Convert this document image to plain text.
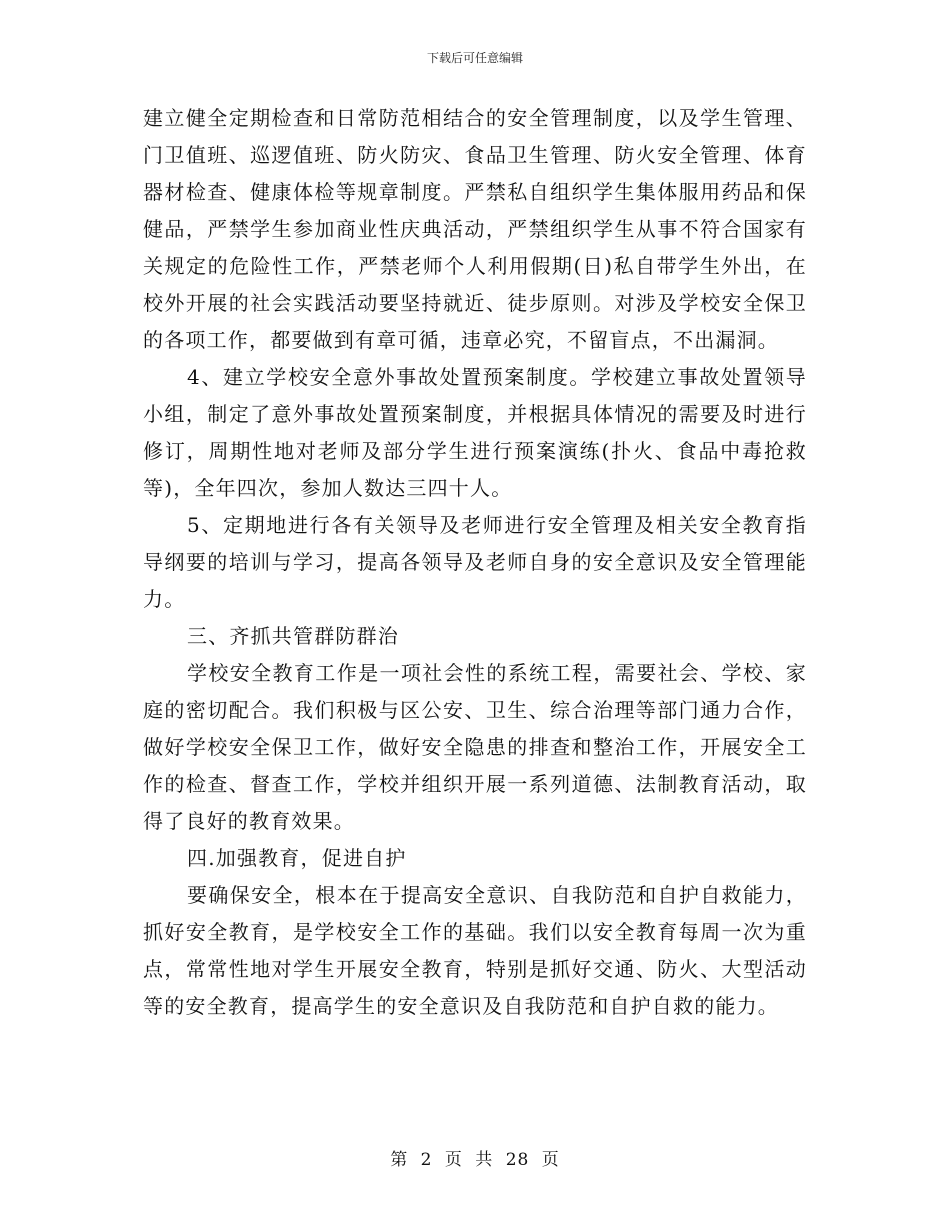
下载后可任意编辑

建立健全定期检查和日常防范相结合的安全管理制度，以及学生管理、门卫值班、巡逻值班、防火防灾、食品卫生管理、防火安全管理、体育器材检查、健康体检等规章制度。严禁私自组织学生集体服用药品和保健品，严禁学生参加商业性庆典活动，严禁组织学生从事不符合国家有关规定的危险性工作，严禁老师个人利用假期(日)私自带学生外出，在校外开展的社会实践活动要坚持就近、徒步原则。对涉及学校安全保卫的各项工作，都要做到有章可循，违章必究，不留盲点，不出漏洞。

4、建立学校安全意外事故处置预案制度。学校建立事故处置领导小组，制定了意外事故处置预案制度，并根据具体情况的需要及时进行修订，周期性地对老师及部分学生进行预案演练(扑火、食品中毒抢救等)，全年四次，参加人数达三四十人。

5、定期地进行各有关领导及老师进行安全管理及相关安全教育指导纲要的培训与学习，提高各领导及老师自身的安全意识及安全管理能力。

三、齐抓共管群防群治

学校安全教育工作是一项社会性的系统工程，需要社会、学校、家庭的密切配合。我们积极与区公安、卫生、综合治理等部门通力合作，做好学校安全保卫工作，做好安全隐患的排查和整治工作，开展安全工作的检查、督查工作，学校并组织开展一系列道德、法制教育活动，取得了良好的教育效果。

四.加强教育，促进自护

要确保安全，根本在于提高安全意识、自我防范和自护自救能力，抓好安全教育，是学校安全工作的基础。我们以安全教育每周一次为重点，常常性地对学生开展安全教育，特别是抓好交通、防火、大型活动等的安全教育，提高学生的安全意识及自我防范和自护自救的能力。

第 2 页 共 28 页
